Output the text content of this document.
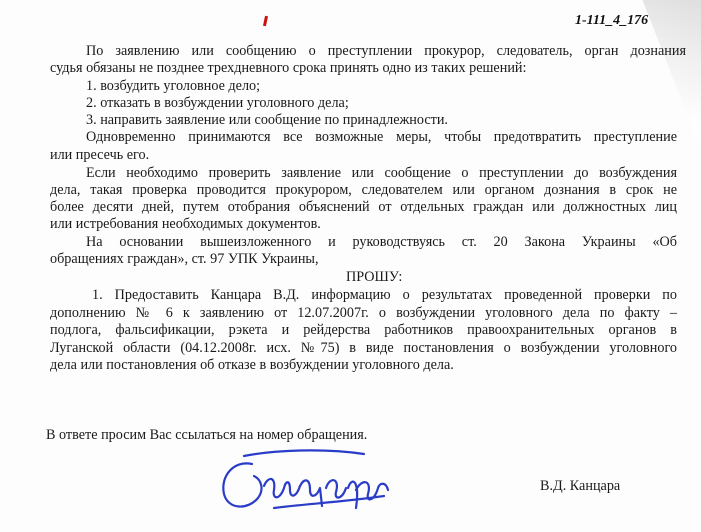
1-111_4_176
По заявлению или сообщению о преступлении прокурор, следователь, орган дознания
судья обязаны не позднее трехдневного срока принять одно из таких решений:
1. возбудить уголовное дело;
2. отказать в возбуждении уголовного дела;
3. направить заявление или сообщение по принадлежности.
Одновременно принимаются все возможные меры, чтобы предотвратить преступление
или пресечь его.
Если необходимо проверить заявление или сообщение о преступлении до возбуждения
дела, такая проверка проводится прокурором, следователем или органом дознания в срок не
более десяти дней, путем отобрания объяснений от отдельных граждан или должностных лиц
или истребования необходимых документов.
На основании вышеизложенного и руководствуясь ст. 20 Закона Украины «Об
обращениях граждан», ст. 97 УПК Украины,
ПРОШУ:
1. Предоставить Канцара В.Д. информацию о результатах проведенной проверки по
дополнению № 6 к заявлению от 12.07.2007г. о возбуждении уголовного дела по факту –
подлога, фальсификации, рэкета и рейдерства работников правоохранительных органов в
Луганской области (04.12.2008г. исх. №75) в виде постановления о возбуждении уголовного
дела или постановления об отказе в возбуждении уголовного дела.
В ответе просим Вас ссылаться на номер обращения.
В.Д. Канцара
